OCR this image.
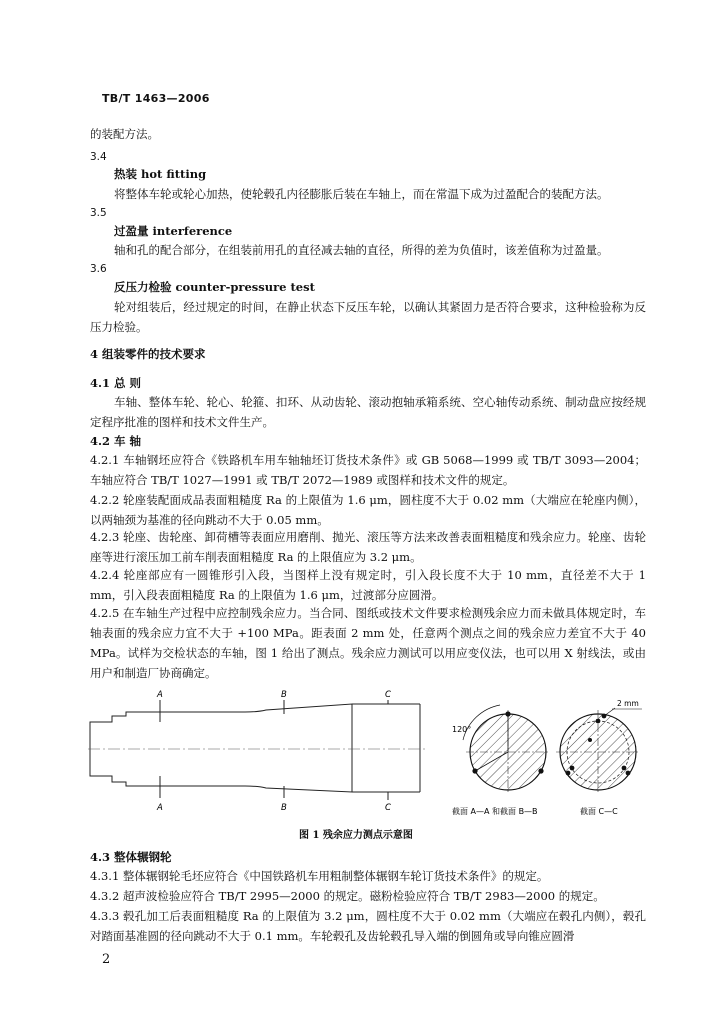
TB/T 1463—2006
的装配方法。
3.4
热装 hot fitting
将整体车轮或轮心加热，使轮毂孔内径膨胀后装在车轴上，而在常温下成为过盈配合的装配方法。
3.5
过盈量 interference
轴和孔的配合部分，在组装前用孔的直径减去轴的直径，所得的差为负值时，该差值称为过盈量。
3.6
反压力检验 counter-pressure test
轮对组装后，经过规定的时间，在静止状态下反压车轮，以确认其紧固力是否符合要求，这种检验称为反压力检验。
4 组装零件的技术要求
4.1 总 则
车轴、整体车轮、轮心、轮箍、扣环、从动齿轮、滚动抱轴承箱系统、空心轴传动系统、制动盘应按经规定程序批准的图样和技术文件生产。
4.2 车 轴
4.2.1 车轴钢坯应符合《铁路机车用车轴轴坯订货技术条件》或 GB 5068—1999 或 TB/T 3093—2004；车轴应符合 TB/T 1027—1991 或 TB/T 2072—1989 或图样和技术文件的规定。
4.2.2 轮座装配面成品表面粗糙度 Ra 的上限值为 1.6 μm，圆柱度不大于 0.02 mm（大端应在轮座内侧），以两轴颈为基准的径向跳动不大于 0.05 mm。
4.2.3 轮座、齿轮座、卸荷槽等表面应用磨削、抛光、滚压等方法来改善表面粗糙度和残余应力。轮座、齿轮座等进行滚压加工前车削表面粗糙度 Ra 的上限值应为 3.2 μm。
4.2.4 轮座部应有一圆锥形引入段，当图样上没有规定时，引入段长度不大于 10 mm，直径差不大于 1 mm，引入段表面粗糙度 Ra 的上限值为 1.6 μm，过渡部分应圆滑。
4.2.5 在车轴生产过程中应控制残余应力。当合同、图纸或技术文件要求检测残余应力而未做具体规定时，车轴表面的残余应力宜不大于 +100 MPa。距表面 2 mm 处，任意两个测点之间的残余应力差宜不大于 40 MPa。试样为交检状态的车轴，图 1 给出了测点。残余应力测试可以用应变仪法，也可以用 X 射线法，或由用户和制造厂协商确定。
A
A
B
B
C
C
120°
2 mm
截面 A—A 和截面 B—B	截面 C—C
图 1 残余应力测点示意图
4.3 整体辗钢轮
4.3.1 整体辗钢轮毛坯应符合《中国铁路机车用粗制整体辗钢车轮订货技术条件》的规定。
4.3.2 超声波检验应符合 TB/T 2995—2000 的规定。磁粉检验应符合 TB/T 2983—2000 的规定。
4.3.3 毂孔加工后表面粗糙度 Ra 的上限值为 3.2 μm，圆柱度不大于 0.02 mm（大端应在毂孔内侧），毂孔对踏面基准圆的径向跳动不大于 0.1 mm。车轮毂孔及齿轮毂孔导入端的倒圆角或导向锥应圆滑
2
